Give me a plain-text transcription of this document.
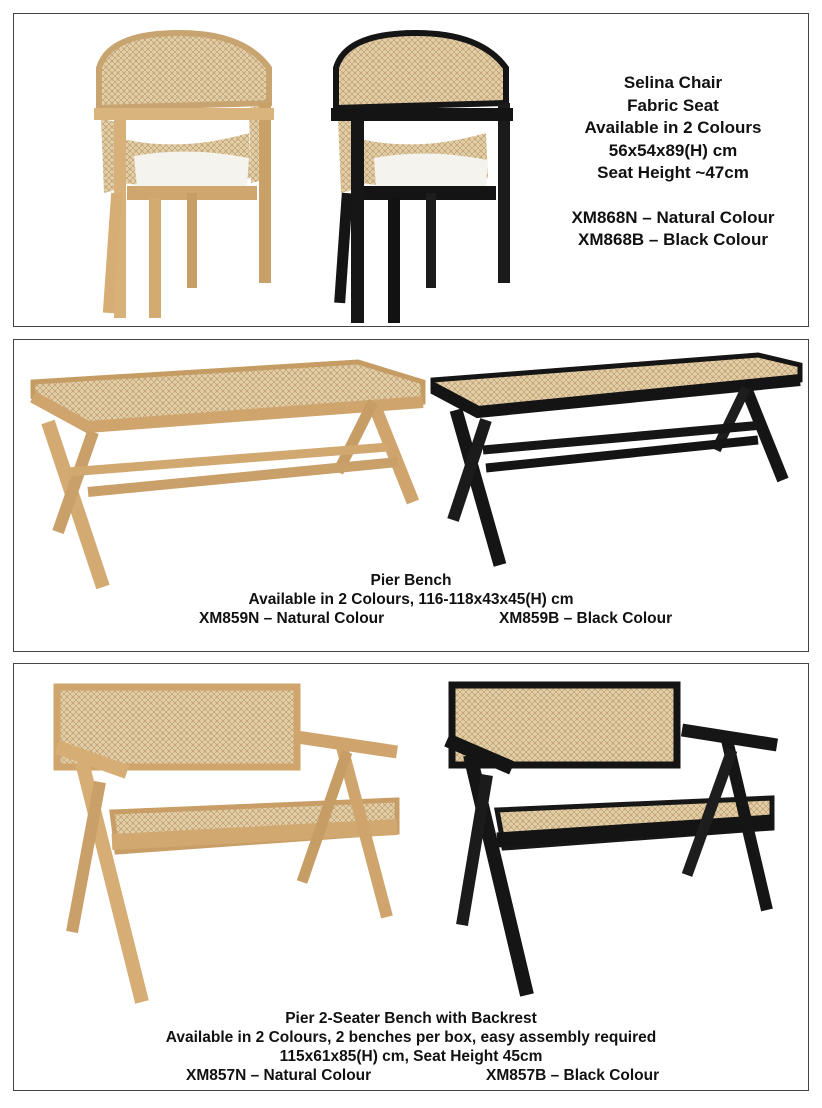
Selina Chair
Fabric Seat
Available in 2 Colours
56x54x89(H) cm
Seat Height ~47cm
XM868N – Natural Colour
XM868B – Black Colour
Pier Bench
Available in 2 Colours, 116-118x43x45(H) cm
XM859N – Natural Colour	XM859B – Black Colour
Pier 2-Seater Bench with Backrest
Available in 2 Colours, 2 benches per box, easy assembly required
115x61x85(H) cm, Seat Height 45cm
XM857N – Natural Colour	XM857B – Black Colour
